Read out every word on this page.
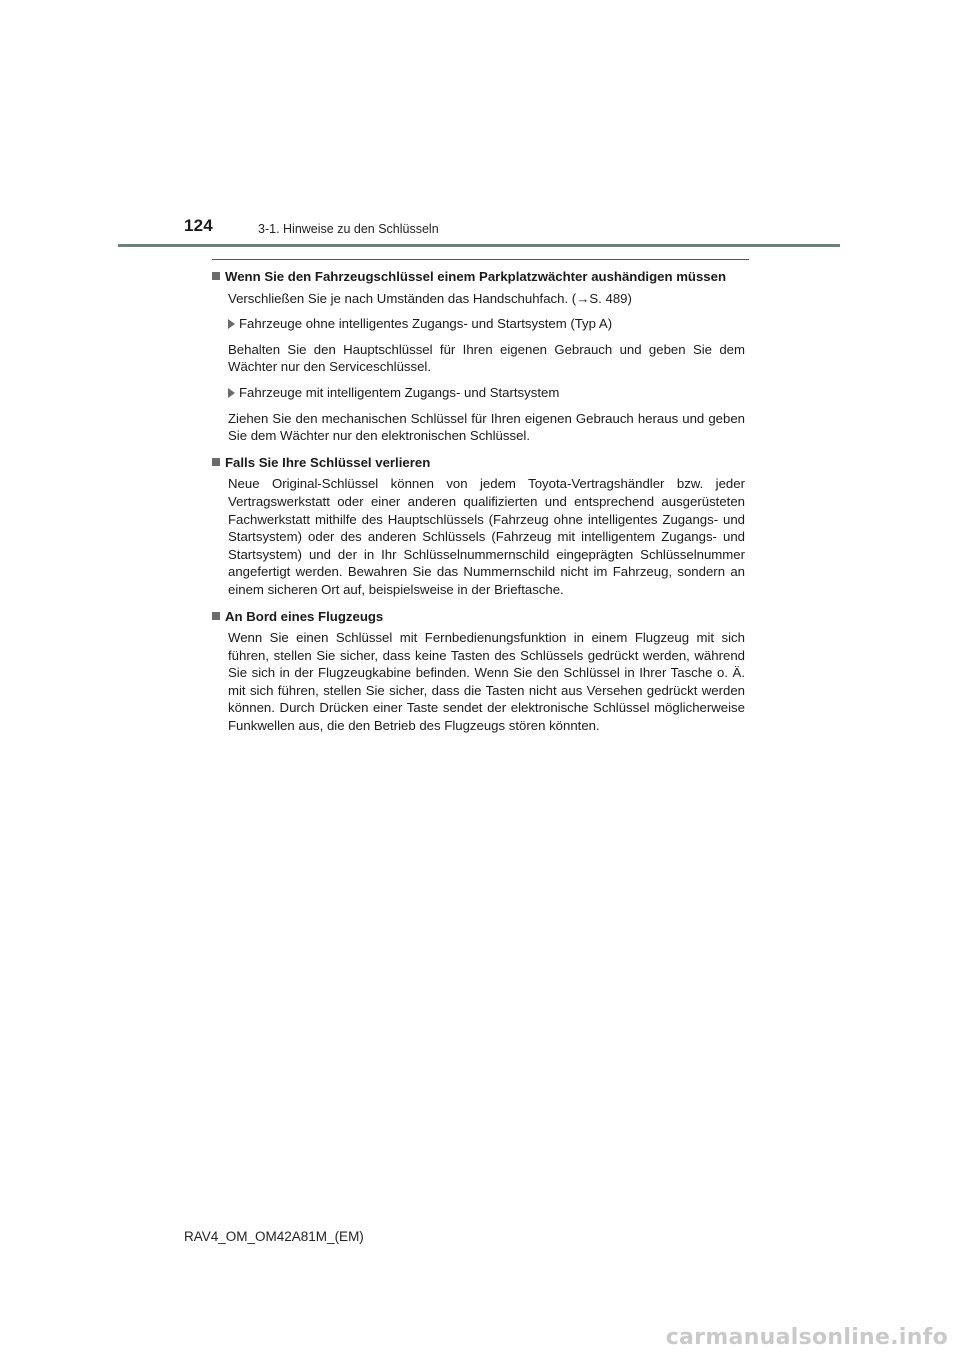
124	3-1. Hinweise zu den Schlüsseln
Wenn Sie den Fahrzeugschlüssel einem Parkplatzwächter aushändigen müssen
Verschließen Sie je nach Umständen das Handschuhfach. (→S. 489)
Fahrzeuge ohne intelligentes Zugangs- und Startsystem (Typ A)
Behalten Sie den Hauptschlüssel für Ihren eigenen Gebrauch und geben Sie dem Wächter nur den Serviceschlüssel.
Fahrzeuge mit intelligentem Zugangs- und Startsystem
Ziehen Sie den mechanischen Schlüssel für Ihren eigenen Gebrauch heraus und geben Sie dem Wächter nur den elektronischen Schlüssel.
Falls Sie Ihre Schlüssel verlieren
Neue Original-Schlüssel können von jedem Toyota-Vertragshändler bzw. jeder Vertragswerkstatt oder einer anderen qualifizierten und entsprechend ausgerüsteten Fachwerkstatt mithilfe des Hauptschlüssels (Fahrzeug ohne intelligentes Zugangs- und Startsystem) oder des anderen Schlüssels (Fahrzeug mit intelligentem Zugangs- und Startsystem) und der in Ihr Schlüsselnummernschild eingeprägten Schlüsselnummer angefertigt werden. Bewahren Sie das Nummernschild nicht im Fahrzeug, sondern an einem sicheren Ort auf, beispielsweise in der Brieftasche.
An Bord eines Flugzeugs
Wenn Sie einen Schlüssel mit Fernbedienungsfunktion in einem Flugzeug mit sich führen, stellen Sie sicher, dass keine Tasten des Schlüssels gedrückt werden, während Sie sich in der Flugzeugkabine befinden. Wenn Sie den Schlüssel in Ihrer Tasche o. Ä. mit sich führen, stellen Sie sicher, dass die Tasten nicht aus Versehen gedrückt werden können. Durch Drücken einer Taste sendet der elektronische Schlüssel möglicherweise Funkwellen aus, die den Betrieb des Flugzeugs stören könnten.
RAV4_OM_OM42A81M_(EM)
carmanualsonline.info
